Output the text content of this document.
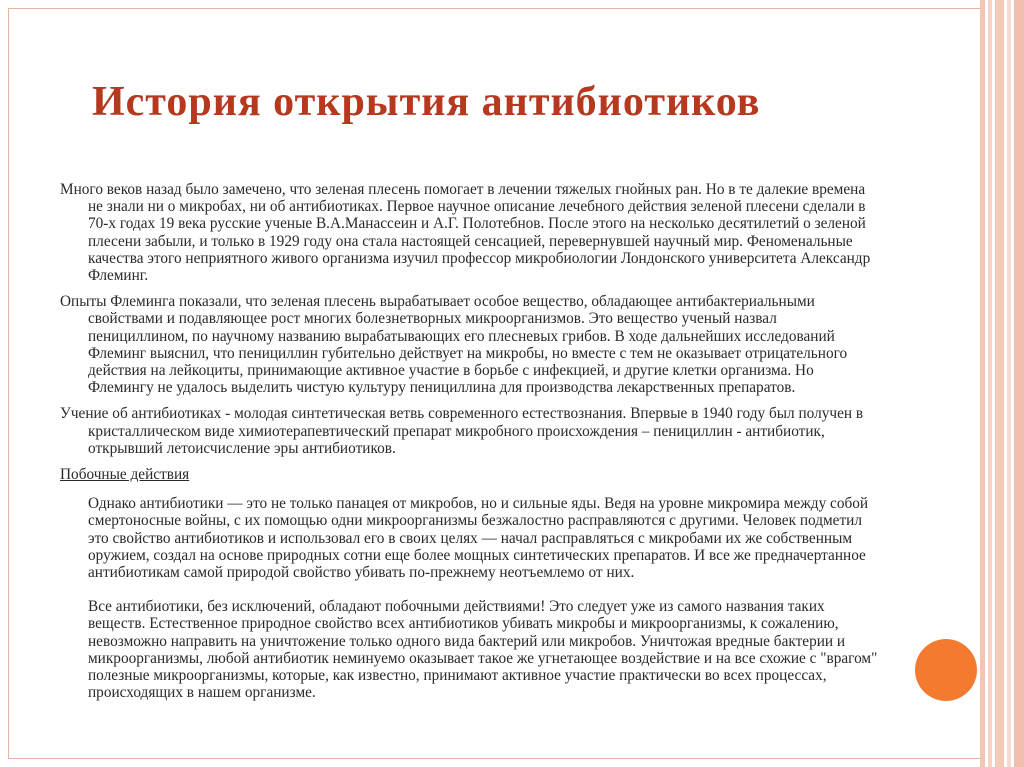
История открытия антибиотиков

Много веков назад было замечено, что зеленая плесень помогает в лечении тяжелых гнойных ран. Но в те далекие времена не знали ни о микробах, ни об антибиотиках. Первое научное описание лечебного действия зеленой плесени сделали в 70-х годах 19 века русские ученые В.А.Манассеин и А.Г. Полотебнов. После этого на несколько десятилетий о зеленой плесени забыли, и только в 1929 году она стала настоящей сенсацией, перевернувшей научный мир. Феноменальные качества этого неприятного живого организма изучил профессор микробиологии Лондонского университета Александр Флеминг.

Опыты Флеминга показали, что зеленая плесень вырабатывает особое вещество, обладающее антибактериальными свойствами и подавляющее рост многих болезнетворных микроорганизмов. Это вещество ученый назвал пенициллином, по научному названию вырабатывающих его плесневых грибов. В ходе дальнейших исследований Флеминг выяснил, что пенициллин губительно действует на микробы, но вместе с тем не оказывает отрицательного действия на лейкоциты, принимающие активное участие в борьбе с инфекцией, и другие клетки организма. Но Флемингу не удалось выделить чистую культуру пенициллина для производства лекарственных препаратов.

Учение об антибиотиках - молодая синтетическая ветвь современного естествознания. Впервые в 1940 году был получен в кристаллическом виде химиотерапевтический препарат микробного происхождения – пенициллин - антибиотик, открывший летоисчисление эры антибиотиков.

Побочные действия

Однако антибиотики — это не только панацея от микробов, но и сильные яды. Ведя на уровне микромира между собой смертоносные войны, с их помощью одни микроорганизмы безжалостно расправляются с другими. Человек подметил это свойство антибиотиков и использовал его в своих целях — начал расправляться с микробами их же собственным оружием, создал на основе природных сотни еще более мощных синтетических препаратов. И все же предначертанное антибиотикам самой природой свойство убивать по-прежнему неотъемлемо от них.

Все антибиотики, без исключений, обладают побочными действиями! Это следует уже из самого названия таких веществ. Естественное природное свойство всех антибиотиков убивать микробы и микроорганизмы, к сожалению, невозможно направить на уничтожение только одного вида бактерий или микробов. Уничтожая вредные бактерии и микроорганизмы, любой антибиотик неминуемо оказывает такое же угнетающее воздействие и на все схожие с "врагом" полезные микроорганизмы, которые, как известно, принимают активное участие практически во всех процессах, происходящих в нашем организме.
